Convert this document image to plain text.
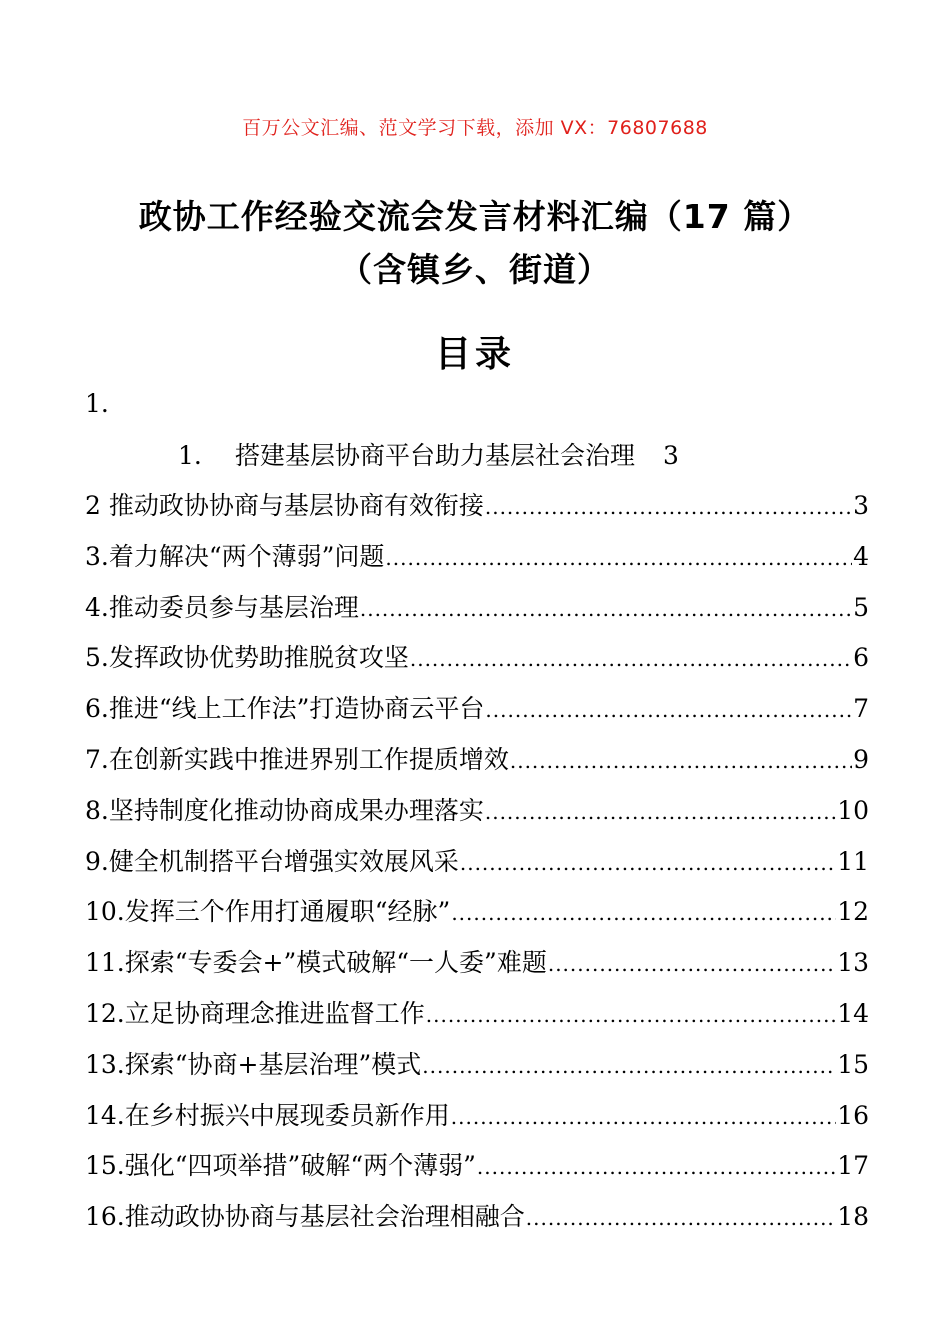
百万公文汇编、范文学习下载，添加 VX：76807688
政协工作经验交流会发言材料汇编（17 篇）
（含镇乡、街道）
目录
1.
1. 搭建基层协商平台助力基层社会治理 3
2 推动政协协商与基层协商有效衔接 .....	3
3.着力解决“两个薄弱”问题 .....	4
4.推动委员参与基层治理 .....	5
5.发挥政协优势助推脱贫攻坚 .....	6
6.推进“线上工作法”打造协商云平台 .....	7
7.在创新实践中推进界别工作提质增效 .....	9
8.坚持制度化推动协商成果办理落实 .....	10
9.健全机制搭平台增强实效展风采 .....	11
10.发挥三个作用打通履职“经脉” .....	12
11.探索“专委会+”模式破解“一人委”难题 .....	13
12.立足协商理念推进监督工作 .....	14
13.探索“协商+基层治理”模式 .....	15
14.在乡村振兴中展现委员新作用 .....	16
15.强化“四项举措”破解“两个薄弱” .....	17
16.推动政协协商与基层社会治理相融合 .....	18
